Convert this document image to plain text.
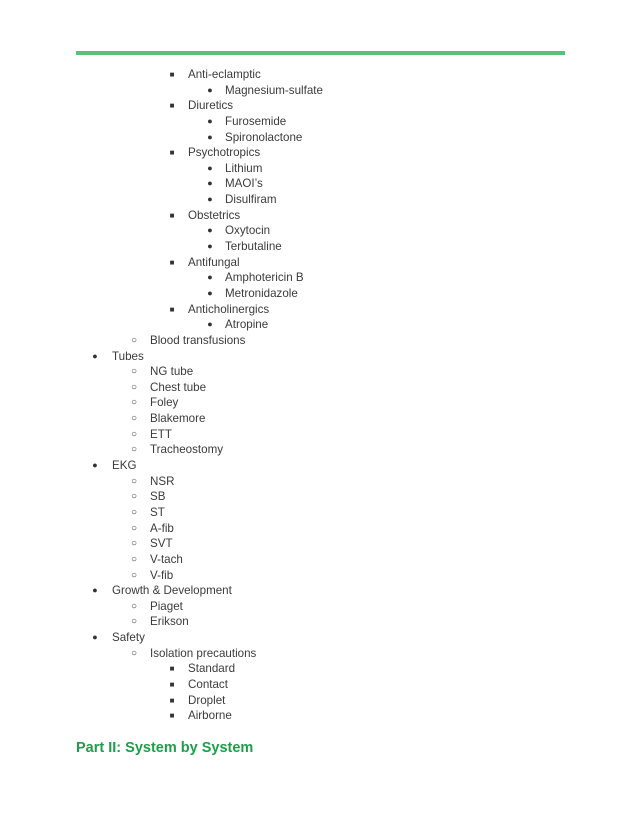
■	Anti-eclamptic
●	Magnesium-sulfate
■	Diuretics
●	Furosemide
●	Spironolactone
■	Psychotropics
●	Lithium
●	MAOI’s
●	Disulfiram
■	Obstetrics
●	Oxytocin
●	Terbutaline
■	Antifungal
●	Amphotericin B
●	Metronidazole
■	Anticholinergics
●	Atropine
○	Blood transfusions
●	Tubes
○	NG tube
○	Chest tube
○	Foley
○	Blakemore
○	ETT
○	Tracheostomy
●	EKG
○	NSR
○	SB
○	ST
○	A-fib
○	SVT
○	V-tach
○	V-fib
●	Growth & Development
○	Piaget
○	Erikson
●	Safety
○	Isolation precautions
■	Standard
■	Contact
■	Droplet
■	Airborne
Part II: System by System
